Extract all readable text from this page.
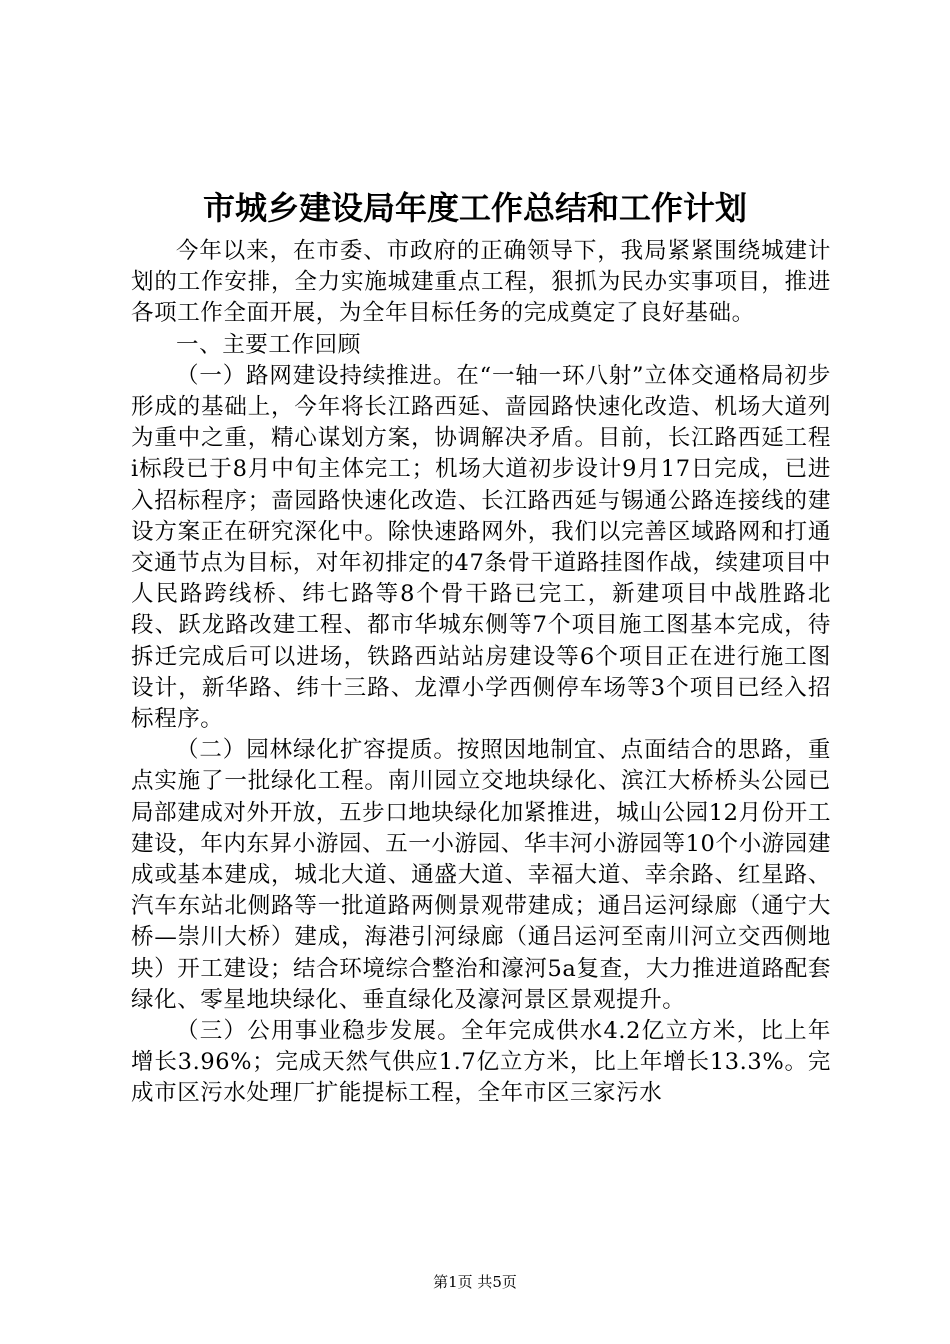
市城乡建设局年度工作总结和工作计划

今年以来，在市委、市政府的正确领导下，我局紧紧围绕城建计划的工作安排，全力实施城建重点工程，狠抓为民办实事项目，推进各项工作全面开展，为全年目标任务的完成奠定了良好基础。

一、主要工作回顾

（一）路网建设持续推进。在“一轴一环八射”立体交通格局初步形成的基础上，今年将长江路西延、啬园路快速化改造、机场大道列为重中之重，精心谋划方案，协调解决矛盾。目前，长江路西延工程ⅰ标段已于8月中旬主体完工；机场大道初步设计9月17日完成，已进入招标程序；啬园路快速化改造、长江路西延与锡通公路连接线的建设方案正在研究深化中。除快速路网外，我们以完善区域路网和打通交通节点为目标，对年初排定的47条骨干道路挂图作战，续建项目中人民路跨线桥、纬七路等8个骨干路已完工，新建项目中战胜路北段、跃龙路改建工程、都市华城东侧等7个项目施工图基本完成，待拆迁完成后可以进场，铁路西站站房建设等6个项目正在进行施工图设计，新华路、纬十三路、龙潭小学西侧停车场等3个项目已经入招标程序。

（二）园林绿化扩容提质。按照因地制宜、点面结合的思路，重点实施了一批绿化工程。南川园立交地块绿化、滨江大桥桥头公园已局部建成对外开放，五步口地块绿化加紧推进，城山公园12月份开工建设，年内东昇小游园、五一小游园、华丰河小游园等10个小游园建成或基本建成，城北大道、通盛大道、幸福大道、幸余路、红星路、汽车东站北侧路等一批道路两侧景观带建成；通吕运河绿廊（通宁大桥—崇川大桥）建成，海港引河绿廊（通吕运河至南川河立交西侧地块）开工建设；结合环境综合整治和濠河5a复查，大力推进道路配套绿化、零星地块绿化、垂直绿化及濠河景区景观提升。

（三）公用事业稳步发展。全年完成供水4.2亿立方米，比上年增长3.96%；完成天然气供应1.7亿立方米，比上年增长13.3%。完成市区污水处理厂扩能提标工程，全年市区三家污水

第1页 共5页
